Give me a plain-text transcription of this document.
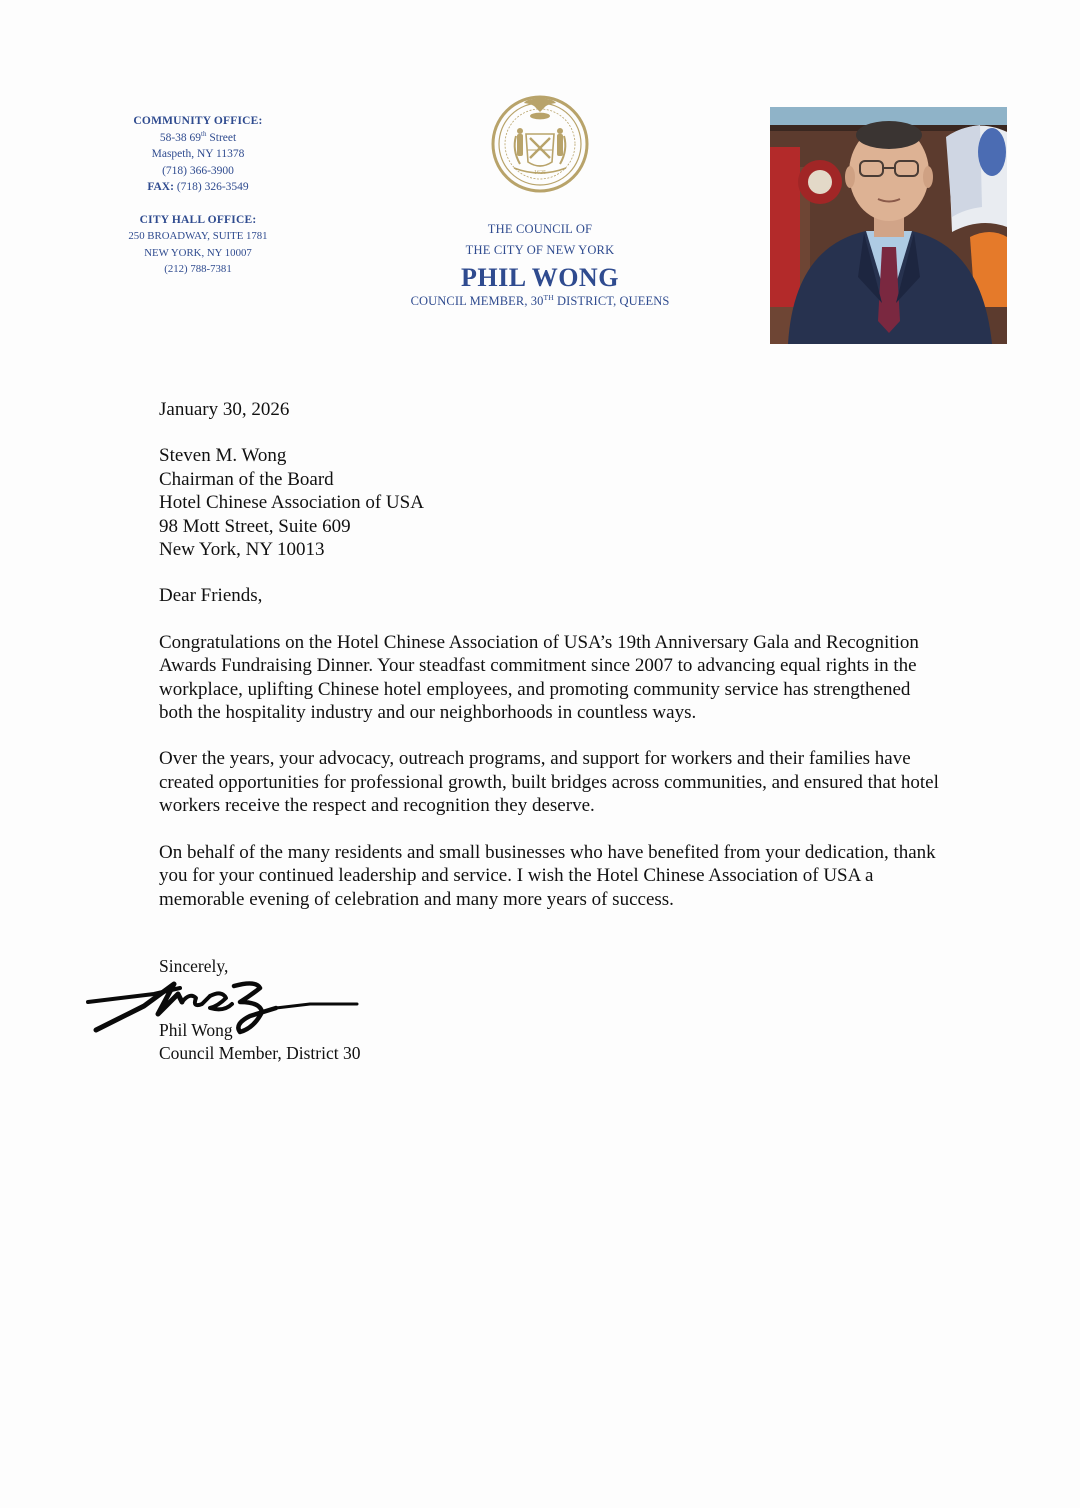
COMMUNITY OFFICE:
58-38 69th Street
Maspeth, NY 11378
(718) 366-3900
FAX: (718) 326-3549
CITY HALL OFFICE:
250 BROADWAY, SUITE 1781
NEW YORK, NY 10007
(212) 788-7381
1625
THE COUNCIL OF
THE CITY OF NEW YORK
PHIL WONG
COUNCIL MEMBER, 30TH DISTRICT, QUEENS

January 30, 2026

Steven M. Wong
Chairman of the Board
Hotel Chinese Association of USA
98 Mott Street, Suite 609
New York, NY 10013

Dear Friends,

Congratulations on the Hotel Chinese Association of USA’s 19th Anniversary Gala and Recognition Awards Fundraising Dinner. Your steadfast commitment since 2007 to advancing equal rights in the workplace, uplifting Chinese hotel employees, and promoting community service has strengthened both the hospitality industry and our neighborhoods in countless ways.

Over the years, your advocacy, outreach programs, and support for workers and their families have created opportunities for professional growth, built bridges across communities, and ensured that hotel workers receive the respect and recognition they deserve.

On behalf of the many residents and small businesses who have benefited from your dedication, thank you for your continued leadership and service. I wish the Hotel Chinese Association of USA a memorable evening of celebration and many more years of success.

Sincerely,
Phil Wong
Council Member, District 30
